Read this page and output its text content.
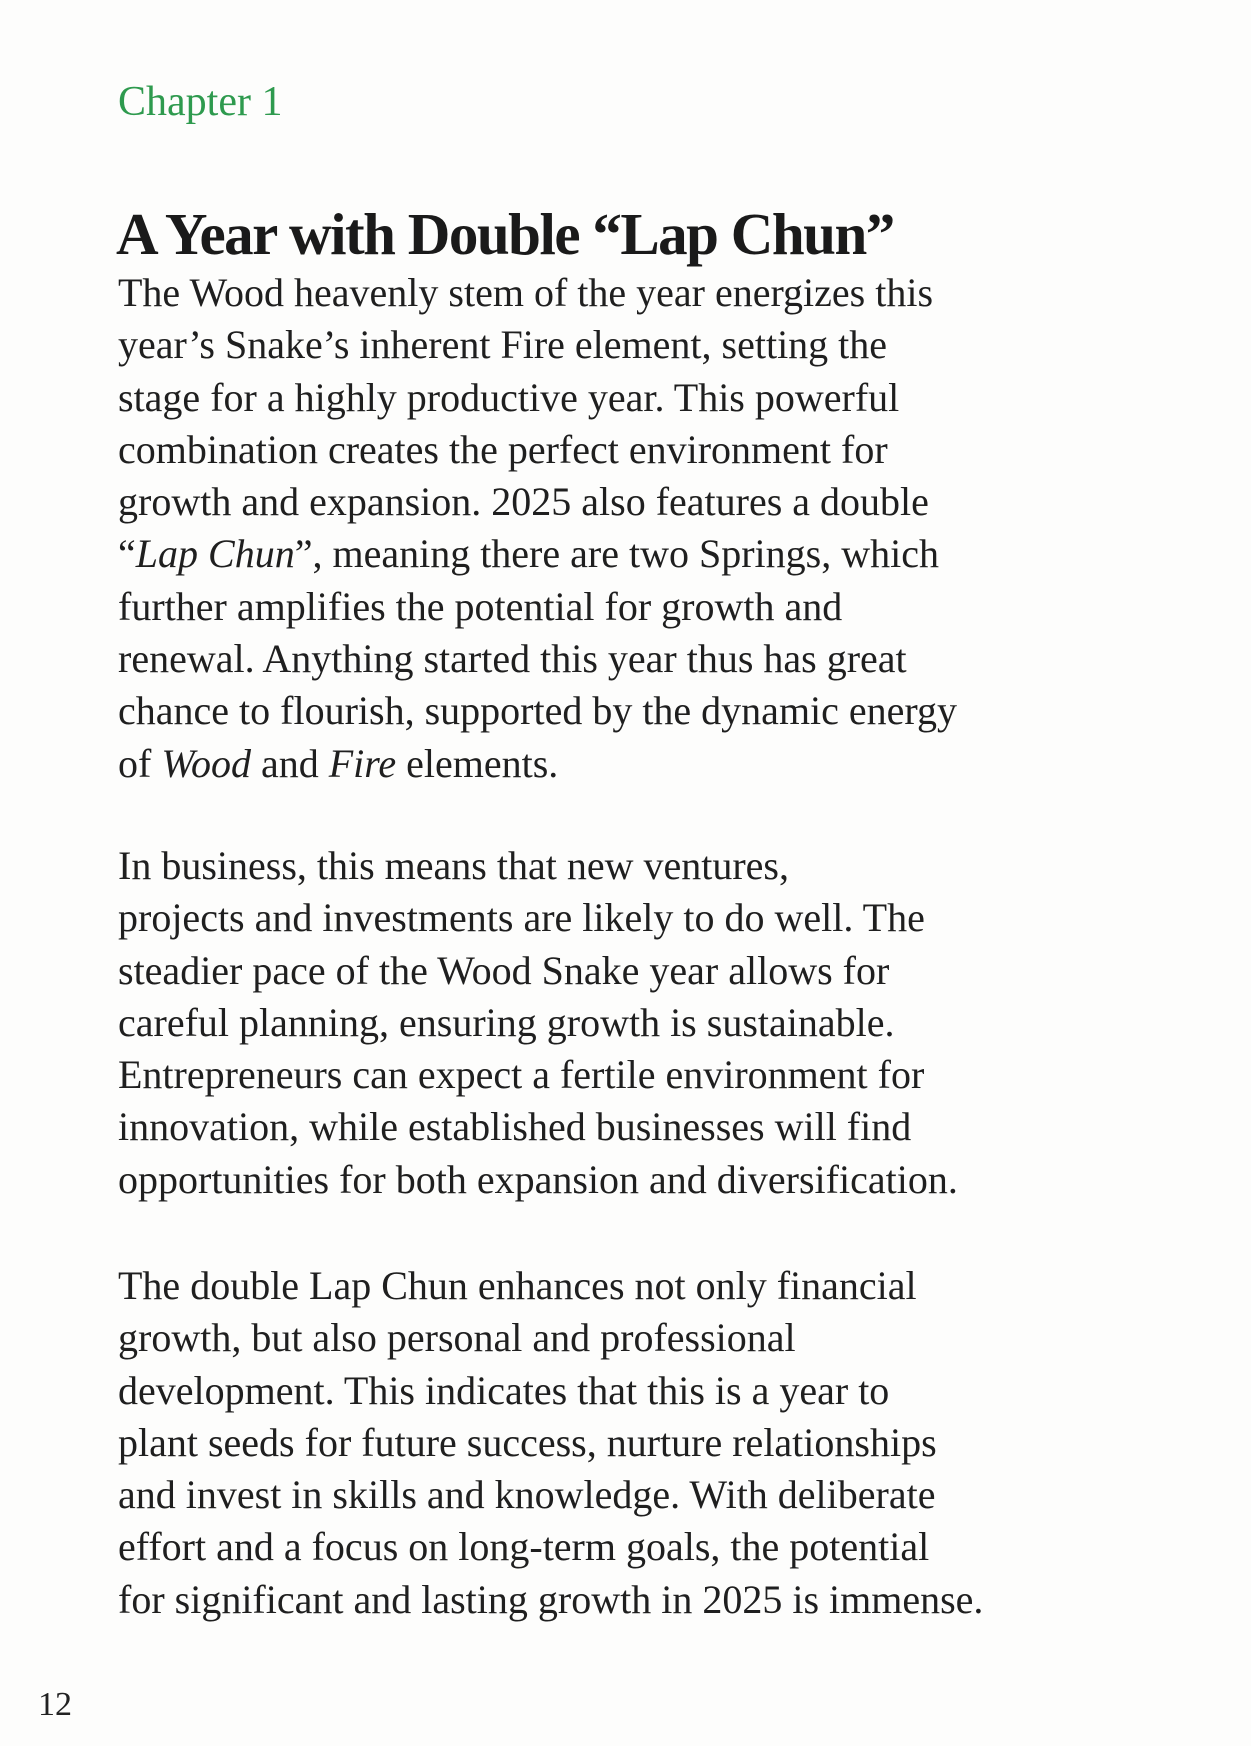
Chapter 1

A Year with Double “Lap Chun”

The Wood heavenly stem of the year energizes this
year’s Snake’s inherent Fire element, setting the
stage for a highly productive year. This powerful
combination creates the perfect environment for
growth and expansion. 2025 also features a double
“Lap Chun”, meaning there are two Springs, which
further amplifies the potential for growth and
renewal. Anything started this year thus has great
chance to flourish, supported by the dynamic energy
of Wood and Fire elements.

In business, this means that new ventures,
projects and investments are likely to do well. The
steadier pace of the Wood Snake year allows for
careful planning, ensuring growth is sustainable.
Entrepreneurs can expect a fertile environment for
innovation, while established businesses will find
opportunities for both expansion and diversification.

The double Lap Chun enhances not only financial
growth, but also personal and professional
development. This indicates that this is a year to
plant seeds for future success, nurture relationships
and invest in skills and knowledge. With deliberate
effort and a focus on long-term goals, the potential
for significant and lasting growth in 2025 is immense.

12
